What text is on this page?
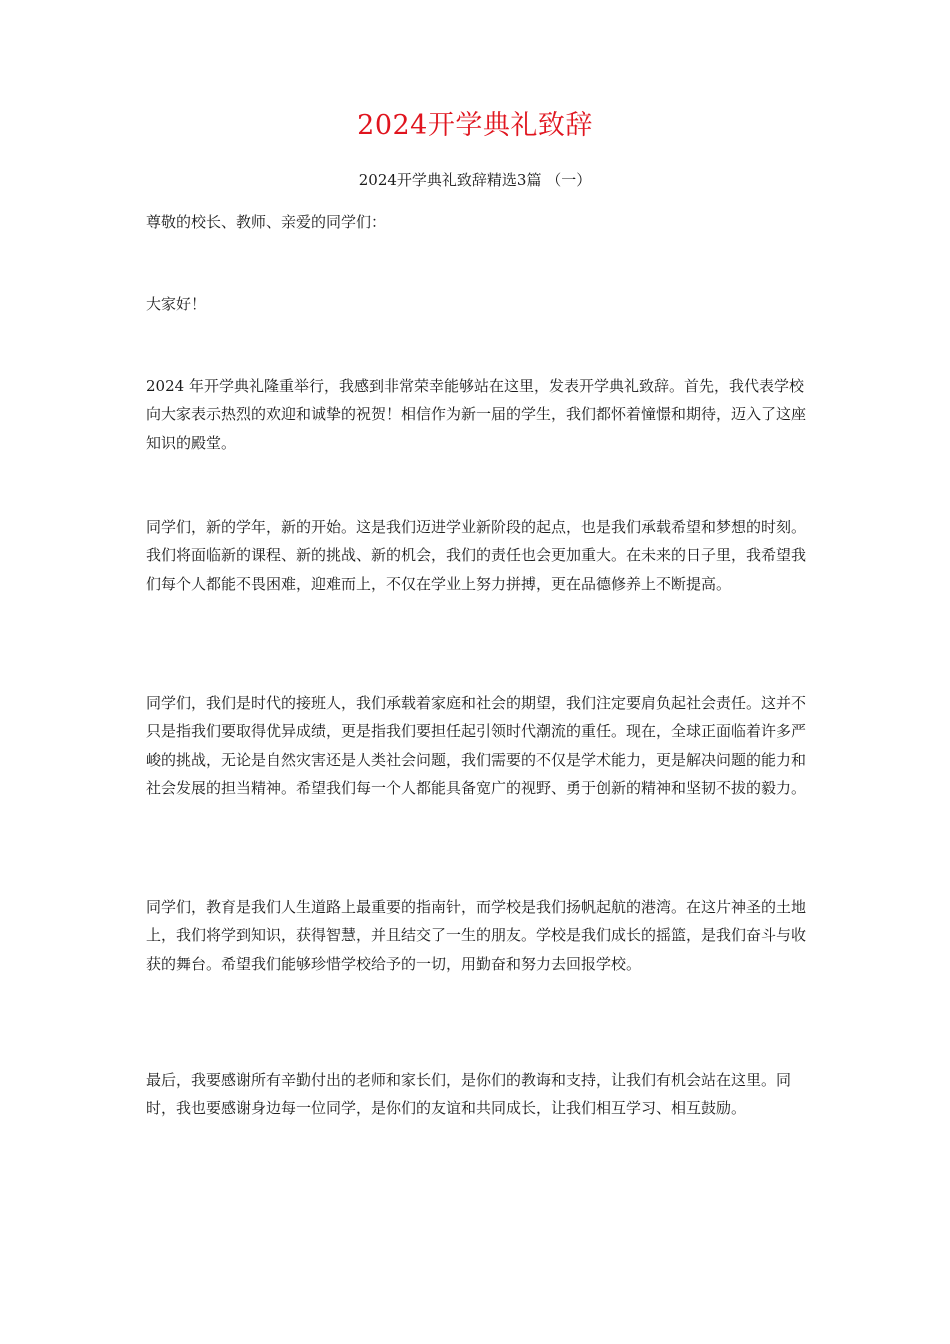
2024开学典礼致辞
2024开学典礼致辞精选3篇 （一）

尊敬的校长、教师、亲爱的同学们：

大家好！

2024 年开学典礼隆重举行，我感到非常荣幸能够站在这里，发表开学典礼致辞。首先，我代表学校向大家表示热烈的欢迎和诚挚的祝贺！相信作为新一届的学生，我们都怀着憧憬和期待，迈入了这座知识的殿堂。

同学们，新的学年，新的开始。这是我们迈进学业新阶段的起点，也是我们承载希望和梦想的时刻。我们将面临新的课程、新的挑战、新的机会，我们的责任也会更加重大。在未来的日子里，我希望我们每个人都能不畏困难，迎难而上，不仅在学业上努力拼搏，更在品德修养上不断提高。

同学们，我们是时代的接班人，我们承载着家庭和社会的期望，我们注定要肩负起社会责任。这并不只是指我们要取得优异成绩，更是指我们要担任起引领时代潮流的重任。现在，全球正面临着许多严峻的挑战，无论是自然灾害还是人类社会问题，我们需要的不仅是学术能力，更是解决问题的能力和社会发展的担当精神。希望我们每一个人都能具备宽广的视野、勇于创新的精神和坚韧不拔的毅力。

同学们，教育是我们人生道路上最重要的指南针，而学校是我们扬帆起航的港湾。在这片神圣的土地上，我们将学到知识，获得智慧，并且结交了一生的朋友。学校是我们成长的摇篮，是我们奋斗与收获的舞台。希望我们能够珍惜学校给予的一切，用勤奋和努力去回报学校。

最后，我要感谢所有辛勤付出的老师和家长们，是你们的教诲和支持，让我们有机会站在这里。同时，我也要感谢身边每一位同学，是你们的友谊和共同成长，让我们相互学习、相互鼓励。
